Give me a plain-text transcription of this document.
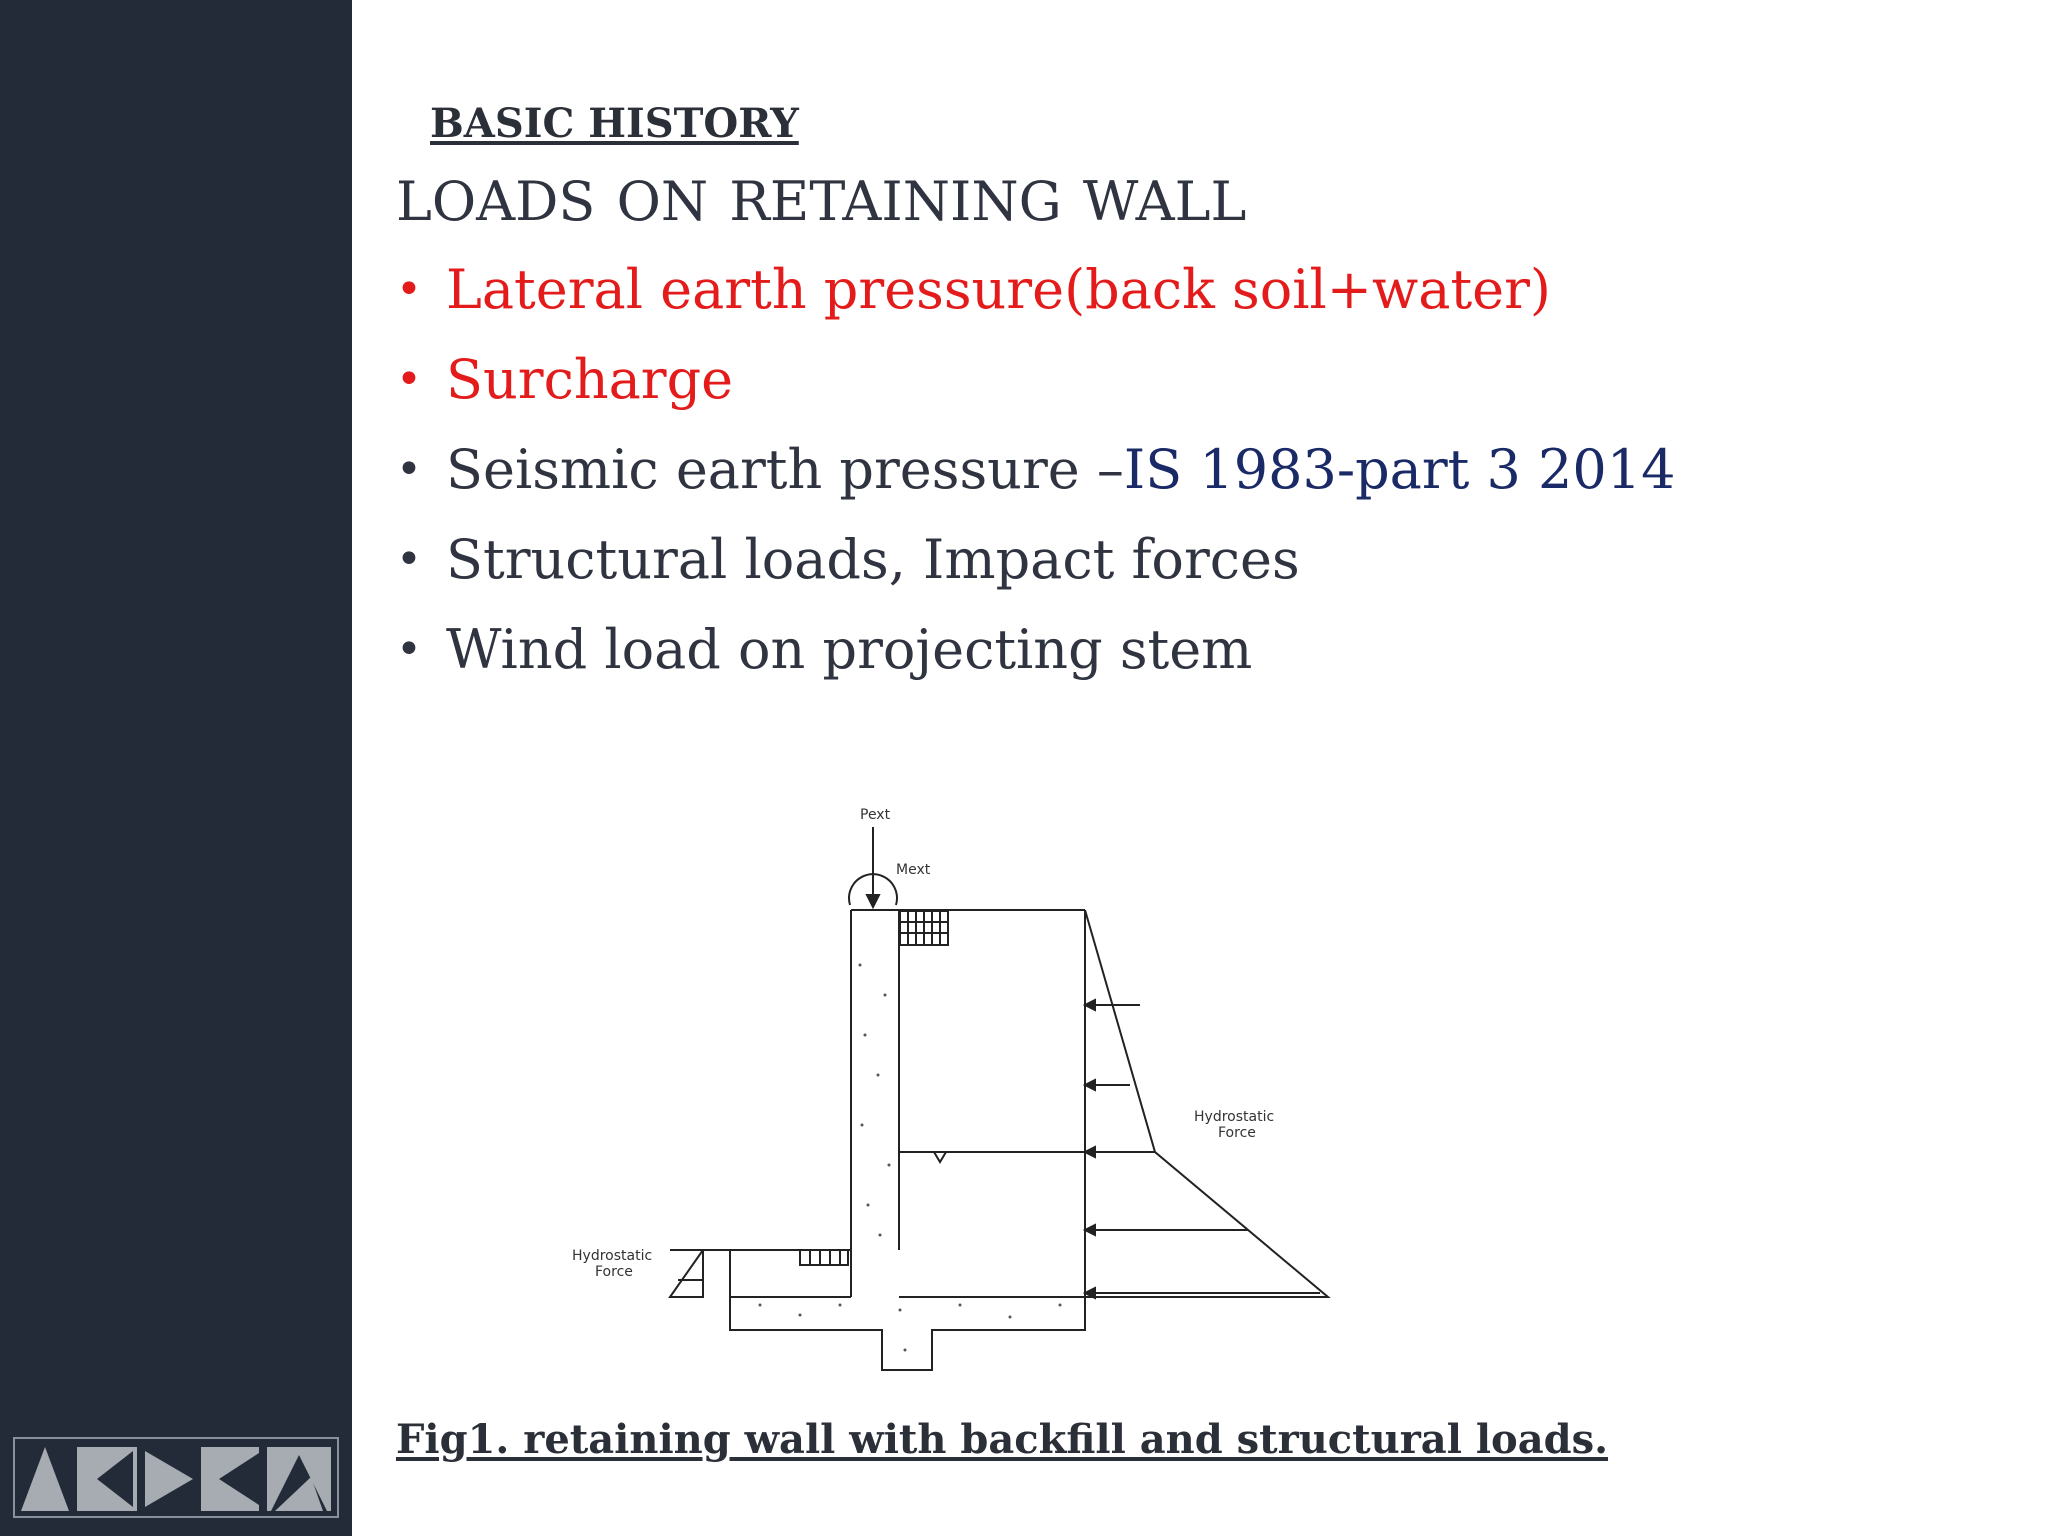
BASIC HISTORY
LOADS ON RETAINING WALL
• Lateral earth pressure(back soil+water)
• Surcharge
• Seismic earth pressure –IS 1983-part 3 2014
• Structural loads, Impact forces
• Wind load on projecting stem
Pext
Mext
Hydrostatic
Force
Hydrostatic
Force
Fig1. retaining wall with backfill and structural loads.
